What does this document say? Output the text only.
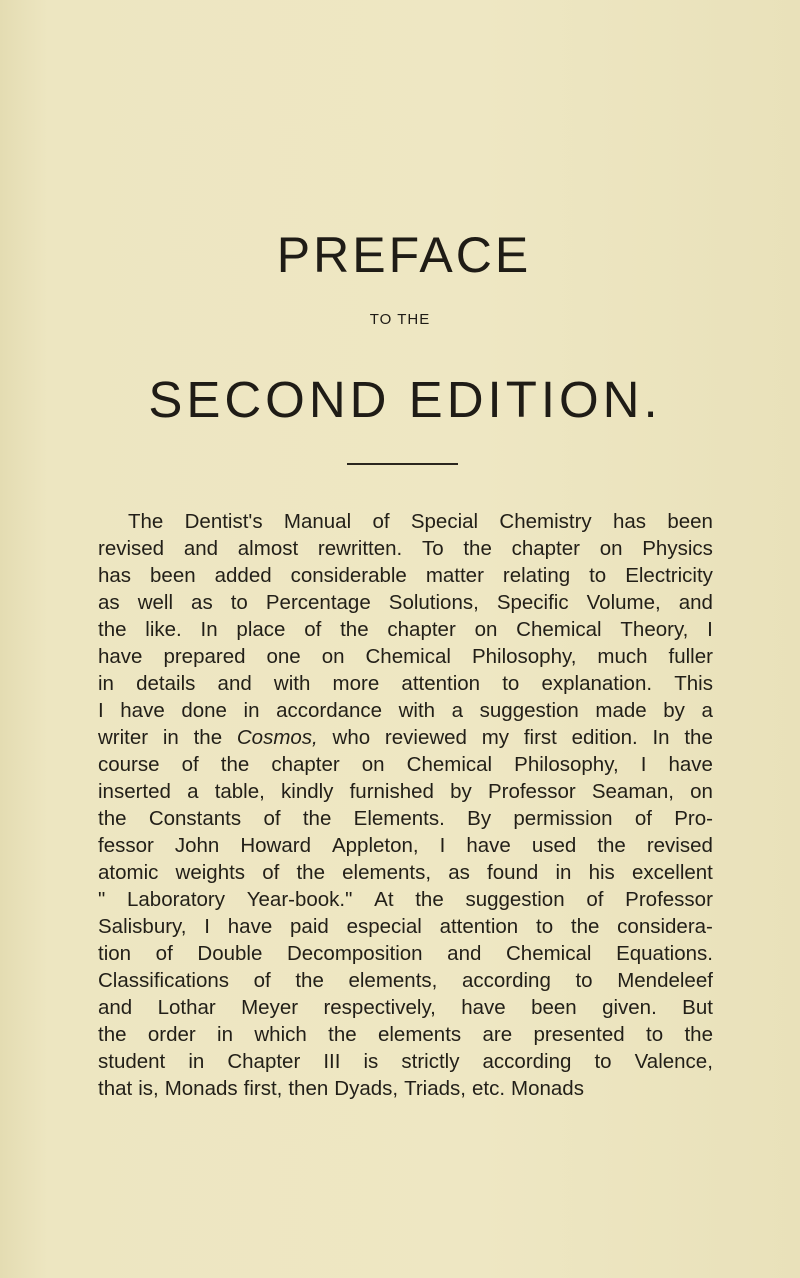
PREFACE
TO THE
SECOND EDITION.
The Dentist's Manual of Special Chemistry has been
revised and almost rewritten. To the chapter on Physics
has been added considerable matter relating to Electricity
as well as to Percentage Solutions, Specific Volume, and
the like. In place of the chapter on Chemical Theory, I
have prepared one on Chemical Philosophy, much fuller
in details and with more attention to explanation. This
I have done in accordance with a suggestion made by a
writer in the Cosmos, who reviewed my first edition. In the
course of the chapter on Chemical Philosophy, I have
inserted a table, kindly furnished by Professor Seaman, on
the Constants of the Elements. By permission of Pro-
fessor John Howard Appleton, I have used the revised
atomic weights of the elements, as found in his excellent
" Laboratory Year-book." At the suggestion of Professor
Salisbury, I have paid especial attention to the considera-
tion of Double Decomposition and Chemical Equations.
Classifications of the elements, according to Mendeleef
and Lothar Meyer respectively, have been given. But
the order in which the elements are presented to the
student in Chapter III is strictly according to Valence,
that is, Monads first, then Dyads, Triads, etc. Monads
